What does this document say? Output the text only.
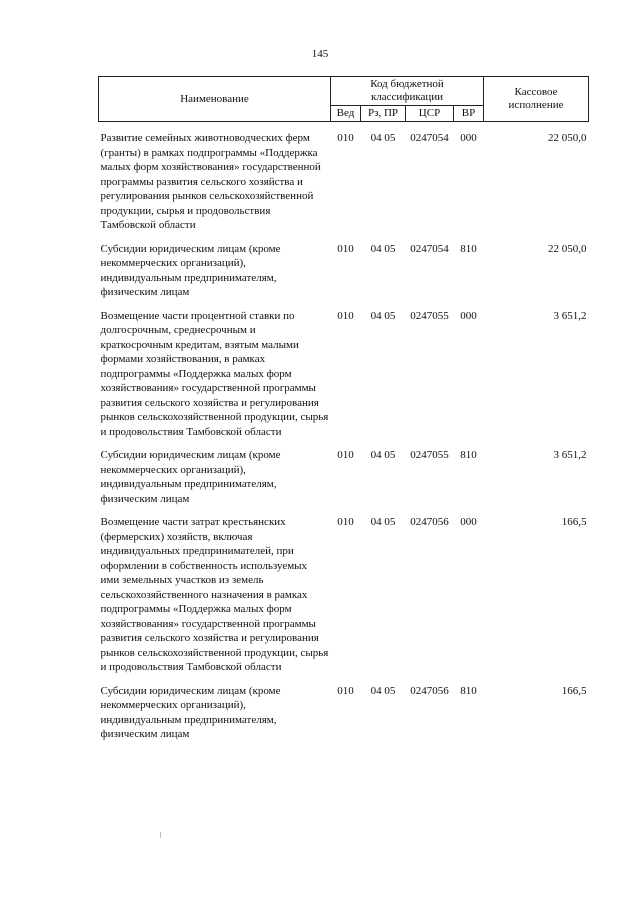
145
Наименование	Код бюджетной классификации				Кассовое исполнение
	Вед	Рз, ПР	ЦСР	ВР	
Развитие семейных животноводческих ферм (гранты) в рамках подпрограммы «Поддержка малых форм хозяйствования» государственной программы развития сельского хозяйства и регулирования рынков сельскохозяйственной продукции, сырья и продовольствия Тамбовской области	010	04 05	0247054	000	22 050,0
Субсидии юридическим лицам (кроме некоммерческих организаций), индивидуальным предпринимателям, физическим лицам	010	04 05	0247054	810	22 050,0
Возмещение части процентной ставки по долгосрочным, среднесрочным и краткосрочным кредитам, взятым малыми формами хозяйствования, в рамках подпрограммы «Поддержка малых форм хозяйствования» государственной программы развития сельского хозяйства и регулирования рынков сельскохозяйственной продукции, сырья и продовольствия Тамбовской области	010	04 05	0247055	000	3 651,2
Субсидии юридическим лицам (кроме некоммерческих организаций), индивидуальным предпринимателям, физическим лицам	010	04 05	0247055	810	3 651,2
Возмещение части затрат крестьянских (фермерских) хозяйств, включая индивидуальных предпринимателей, при оформлении в собственность используемых ими земельных участков из земель сельскохозяйственного назначения в рамках подпрограммы «Поддержка малых форм хозяйствования» государственной программы развития сельского хозяйства и регулирования рынков сельскохозяйственной продукции, сырья и продовольствия Тамбовской области	010	04 05	0247056	000	166,5
Субсидии юридическим лицам (кроме некоммерческих организаций), индивидуальным предпринимателям, физическим лицам	010	04 05	0247056	810	166,5
